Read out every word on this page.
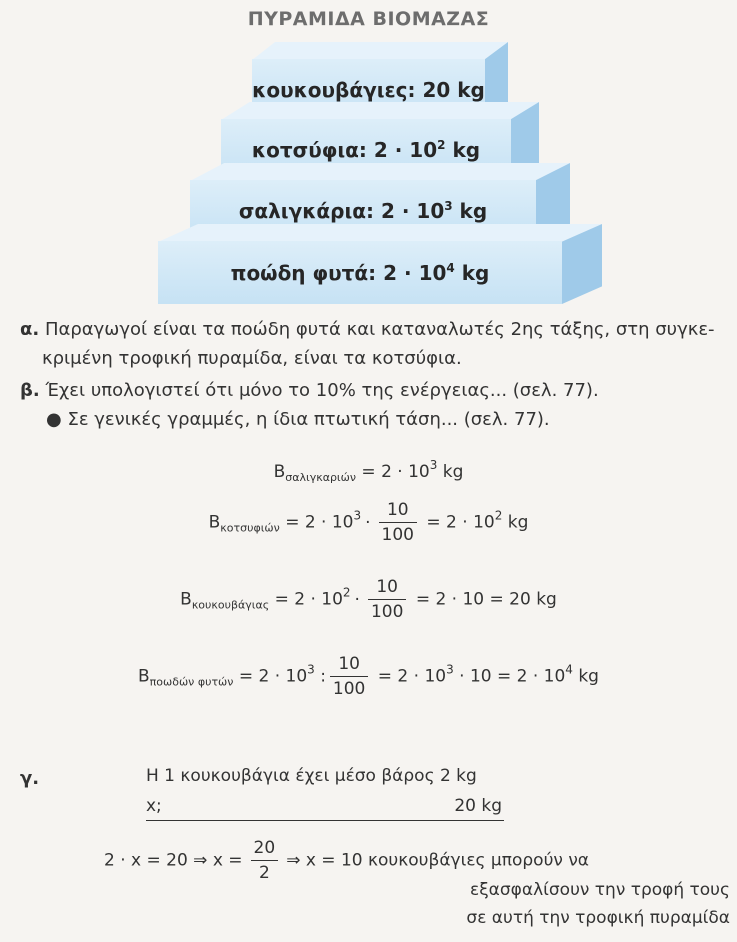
ΠΥΡΑΜΙΔΑ ΒΙΟΜΑΖΑΣ
κουκουβάγιες: 20 kg
κοτσύφια: $2 \cdot 10^2$ kg
σαλιγκάρια: $2 \cdot 10^3$ kg
ποώδη φυτά: $2 \cdot 10^4$ kg
α. Παραγωγοί είναι τα ποώδη φυτά και καταναλωτές 2ης τάξης, στη συγκε-
κριμένη τροφική πυραμίδα, είναι τα κοτσύφια.
β. Έχει υπολογιστεί ότι μόνο το 10% της ενέργειας... (σελ. 77).
● Σε γενικές γραμμές, η ίδια πτωτική τάση... (σελ. 77).
$B_{\sigma\alpha\lambda\iota\gamma\kappa\alpha\rho\iota ώ\nu} = 2 \cdot 10^3$ kg
$B_{\kappa o\tau\sigma\upsilon\varphi\iota ώ\nu} = 2 \cdot 10^3 \cdot \frac{10}{100} = 2 \cdot 10^2$ kg
$B_{\kappa o\upsilon\kappa o\upsilon\beta ά\gamma\iota\alpha\varsigma} = 2 \cdot 10^2 \cdot \frac{10}{100} = 2 \cdot 10 = 20$ kg
$B_{\pi o\omega\delta ώ\nu \varphi\upsilon\tau ώ\nu} = 2 \cdot 10^3$ : $\frac{10}{100} = 2 \cdot 10^3 \cdot 10 = 2 \cdot 10^4$ kg
γ.	Η 1 κουκουβάγια έχει μέσο βάρος 2 kg
x;	20 kg
2 · x = 20 ⇒ $x = \frac{20}{2}$ ⇒ x = 10 κουκουβάγιες μπορούν να
εξασφαλίσουν την τροφή τους
σε αυτή την τροφική πυραμίδα
